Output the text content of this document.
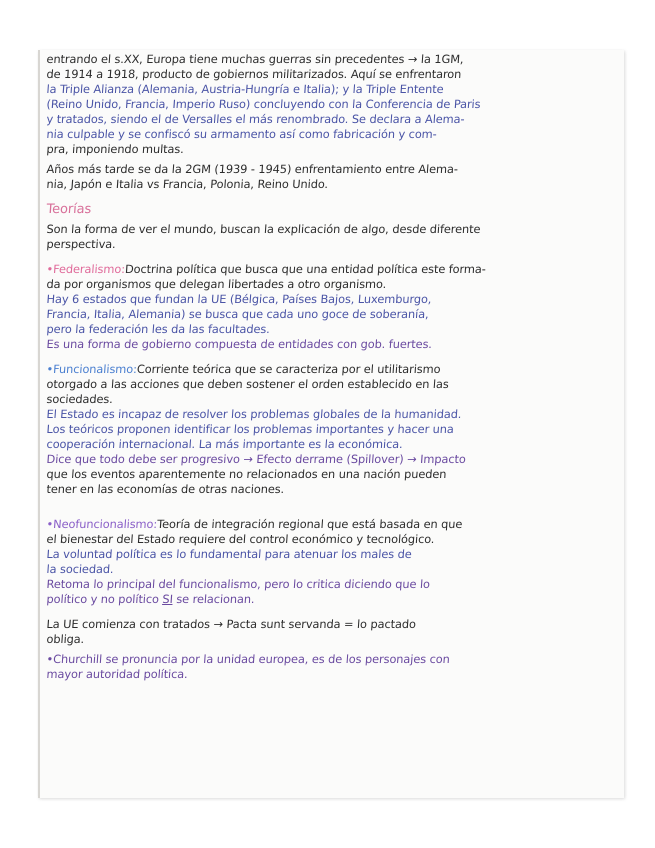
entrando el s.XX, Europa tiene muchas guerras sin precedentes → la 1GM,
de 1914 a 1918, producto de gobiernos militarizados. Aquí se enfrentaron
la Triple Alianza (Alemania, Austria-Hungría e Italia); y la Triple Entente
(Reino Unido, Francia, Imperio Ruso) concluyendo con la Conferencia de Paris
y tratados, siendo el de Versalles el más renombrado. Se declara a Alema-
nia culpable y se confiscó su armamento así como fabricación y com-
pra, imponiendo multas.
Años más tarde se da la 2GM (1939 - 1945) enfrentamiento entre Alema-
nia, Japón e Italia vs Francia, Polonia, Reino Unido.
Teorías
Son la forma de ver el mundo, buscan la explicación de algo, desde diferente
perspectiva.
•Federalismo:Doctrina política que busca que una entidad política este forma-
da por organismos que delegan libertades a otro organismo.
Hay 6 estados que fundan la UE (Bélgica, Países Bajos, Luxemburgo,
Francia, Italia, Alemania) se busca que cada uno goce de soberanía,
pero la federación les da las facultades.
Es una forma de gobierno compuesta de entidades con gob. fuertes.
•Funcionalismo:Corriente teórica que se caracteriza por el utilitarismo
otorgado a las acciones que deben sostener el orden establecido en las
sociedades.
El Estado es incapaz de resolver los problemas globales de la humanidad.
Los teóricos proponen identificar los problemas importantes y hacer una
cooperación internacional. La más importante es la económica.
Dice que todo debe ser progresivo → Efecto derrame (Spillover) → Impacto
que los eventos aparentemente no relacionados en una nación pueden
tener en las economías de otras naciones.
•Neofuncionalismo:Teoría de integración regional que está basada en que
el bienestar del Estado requiere del control económico y tecnológico.
La voluntad política es lo fundamental para atenuar los males de
la sociedad.
Retoma lo principal del funcionalismo, pero lo critica diciendo que lo
político y no político SI se relacionan.
La UE comienza con tratados → Pacta sunt servanda = lo pactado
obliga.
•Churchill se pronuncia por la unidad europea, es de los personajes con
mayor autoridad política.
